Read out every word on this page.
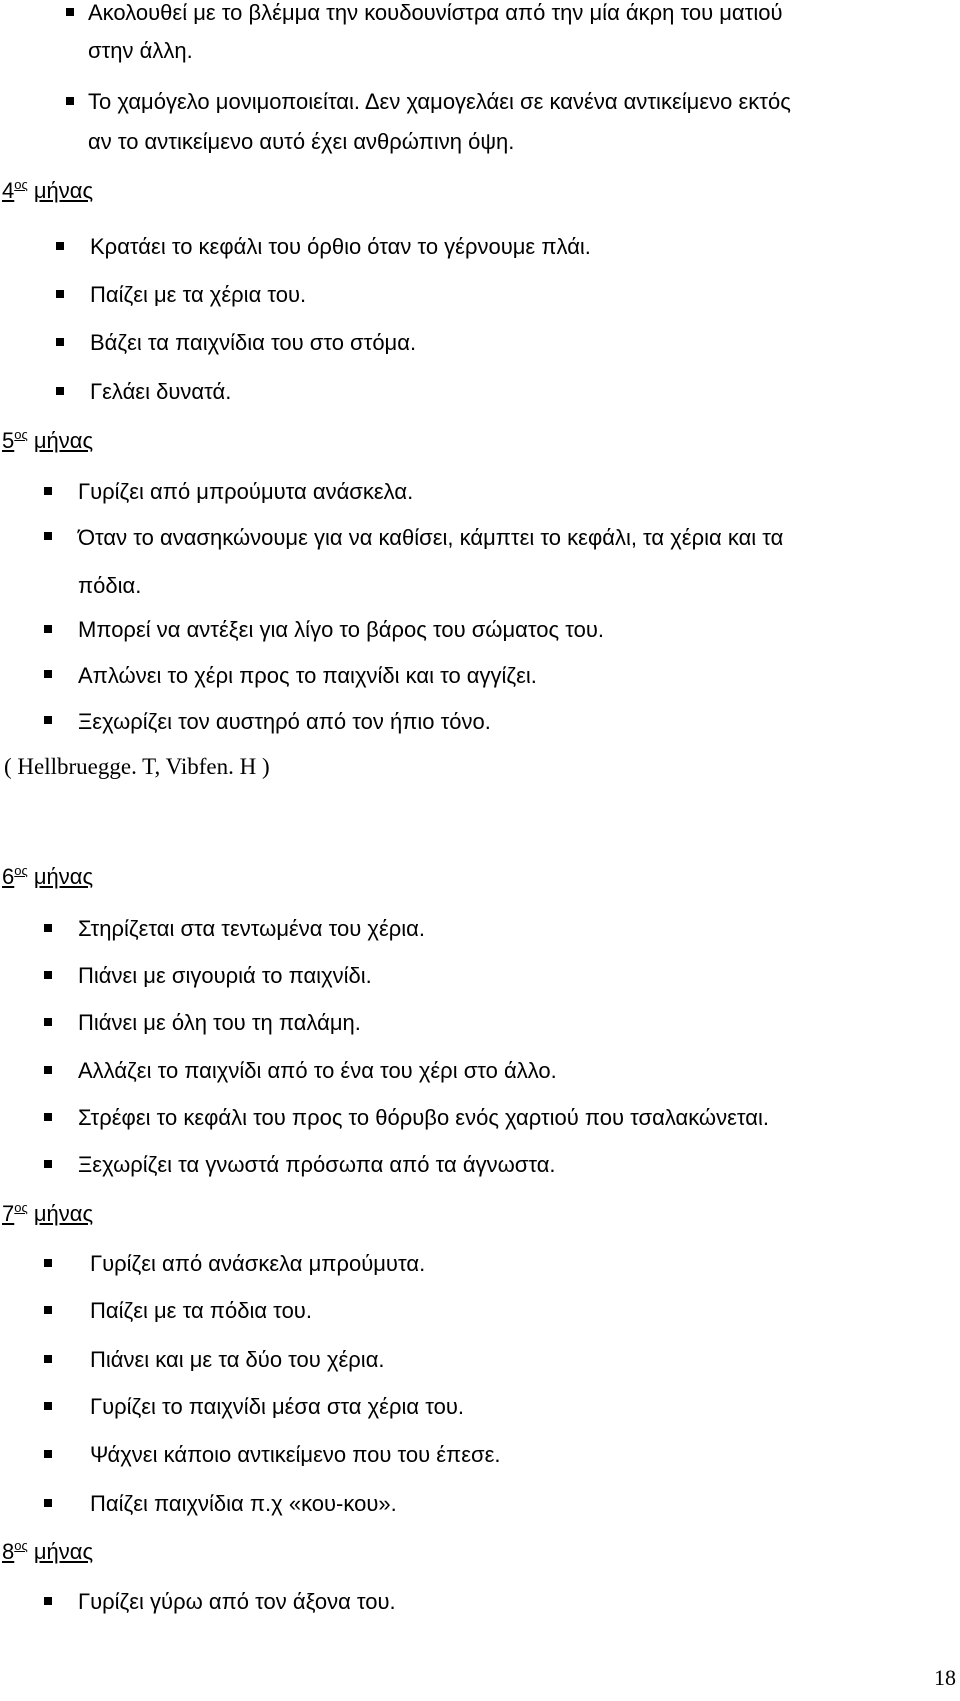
Ακολουθεί με το βλέμμα την κουδουνίστρα από την μία άκρη του ματιού
στην άλλη.
Το χαμόγελο μονιμοποιείται. Δεν χαμογελάει σε κανένα αντικείμενο εκτός
αν το αντικείμενο αυτό έχει ανθρώπινη όψη.
$4^{o\varsigma}$ μήνας
Κρατάει το κεφάλι του όρθιο όταν το γέρνουμε πλάι.
Παίζει με τα χέρια του.
Βάζει τα παιχνίδια του στο στόμα.
Γελάει δυνατά.
$5^{o\varsigma}$ μήνας
Γυρίζει από μπρούμυτα ανάσκελα.
Όταν το ανασηκώνουμε για να καθίσει, κάμπτει το κεφάλι, τα χέρια και τα
πόδια.
Μπορεί να αντέξει για λίγο το βάρος του σώματος του.
Απλώνει το χέρι προς το παιχνίδι και το αγγίζει.
Ξεχωρίζει τον αυστηρό από τον ήπιο τόνο.
( Hellbruegge. T, Vibfen. H )
$6^{o\varsigma}$ μήνας
Στηρίζεται στα τεντωμένα του χέρια.
Πιάνει με σιγουριά το παιχνίδι.
Πιάνει με όλη του τη παλάμη.
Αλλάζει το παιχνίδι από το ένα του χέρι στο άλλο.
Στρέφει το κεφάλι του προς το θόρυβο ενός χαρτιού που τσαλακώνεται.
Ξεχωρίζει τα γνωστά πρόσωπα από τα άγνωστα.
$7^{o\varsigma}$ μήνας
Γυρίζει από ανάσκελα μπρούμυτα.
Παίζει με τα πόδια του.
Πιάνει και με τα δύο του χέρια.
Γυρίζει το παιχνίδι μέσα στα χέρια του.
Ψάχνει κάποιο αντικείμενο που του έπεσε.
Παίζει παιχνίδια π.χ «κου-κου».
$8^{o\varsigma}$ μήνας
Γυρίζει γύρω από τον άξονα του.
18
